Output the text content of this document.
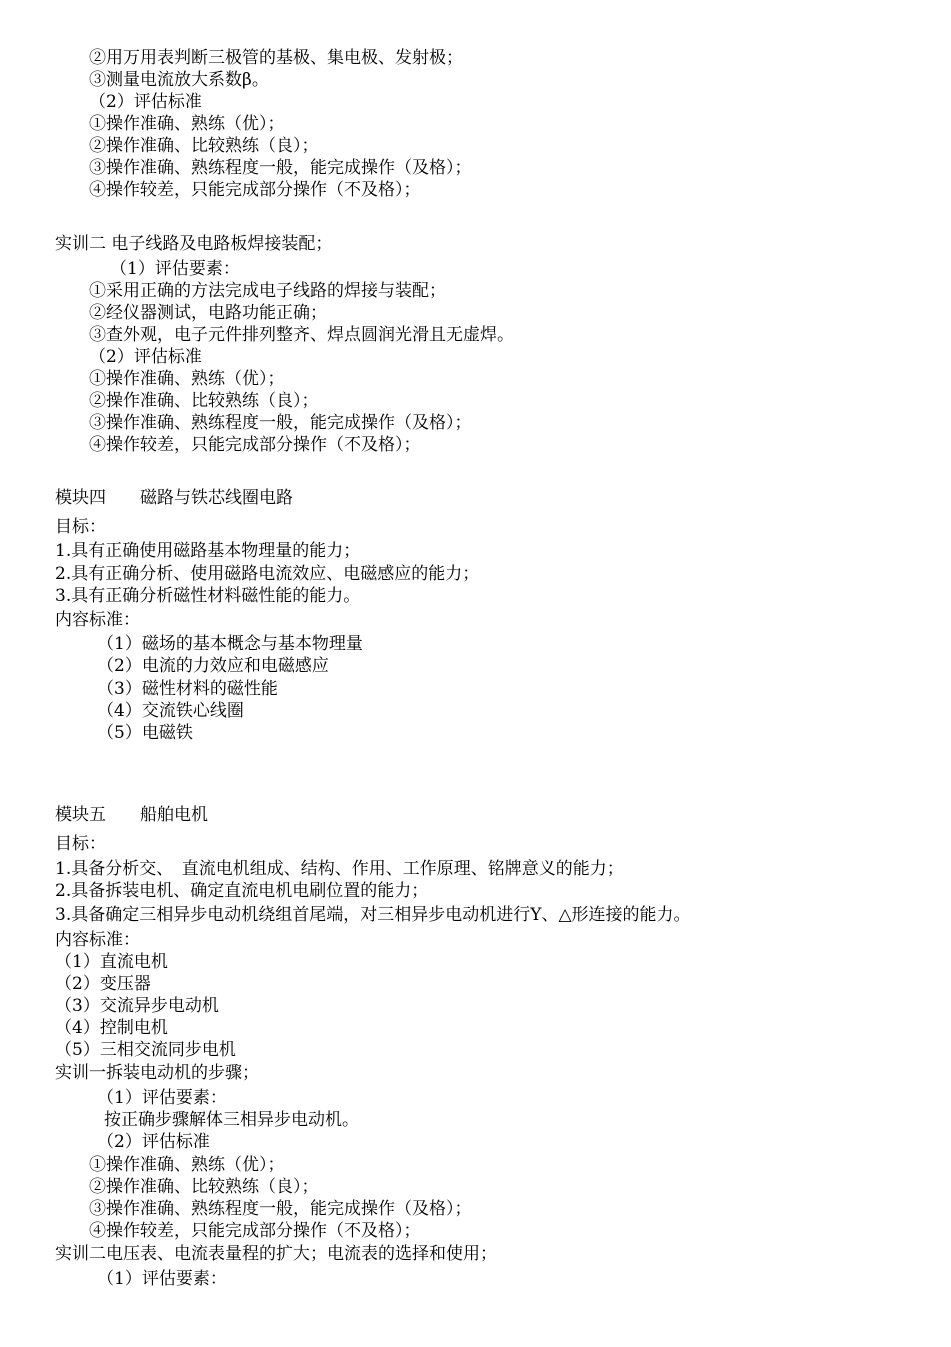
②用万用表判断三极管的基极、集电极、发射极；
③测量电流放大系数β。
（2）评估标准
①操作准确、熟练（优）；
②操作准确、比较熟练（良）；
③操作准确、熟练程度一般，能完成操作（及格）；
④操作较差，只能完成部分操作（不及格）；
实训二 电子线路及电路板焊接装配；
（1）评估要素：
①采用正确的方法完成电子线路的焊接与装配；
②经仪器测试，电路功能正确；
③查外观，电子元件排列整齐、焊点圆润光滑且无虚焊。
（2）评估标准
①操作准确、熟练（优）；
②操作准确、比较熟练（良）；
③操作准确、熟练程度一般，能完成操作（及格）；
④操作较差，只能完成部分操作（不及格）；
模块四　　磁路与铁芯线圈电路
目标：
1.具有正确使用磁路基本物理量的能力；
2.具有正确分析、使用磁路电流效应、电磁感应的能力；
3.具有正确分析磁性材料磁性能的能力。
内容标准：
（1）磁场的基本概念与基本物理量
（2）电流的力效应和电磁感应
（3）磁性材料的磁性能
（4）交流铁心线圈
（5）电磁铁
模块五　　船舶电机
目标：
1.具备分析交、　直流电机组成、结构、作用、工作原理、铭牌意义的能力；
2.具备拆装电机、确定直流电机电刷位置的能力；
3.具备确定三相异步电动机绕组首尾端，对三相异步电动机进行Y、△形连接的能力。
内容标准：
（1）直流电机
（2）变压器
（3）交流异步电动机
（4）控制电机
（5）三相交流同步电机
实训一拆装电动机的步骤；
（1）评估要素：
按正确步骤解体三相异步电动机。
（2）评估标准
①操作准确、熟练（优）；
②操作准确、比较熟练（良）；
③操作准确、熟练程度一般，能完成操作（及格）；
④操作较差，只能完成部分操作（不及格）；
实训二电压表、电流表量程的扩大；电流表的选择和使用；
（1）评估要素：
